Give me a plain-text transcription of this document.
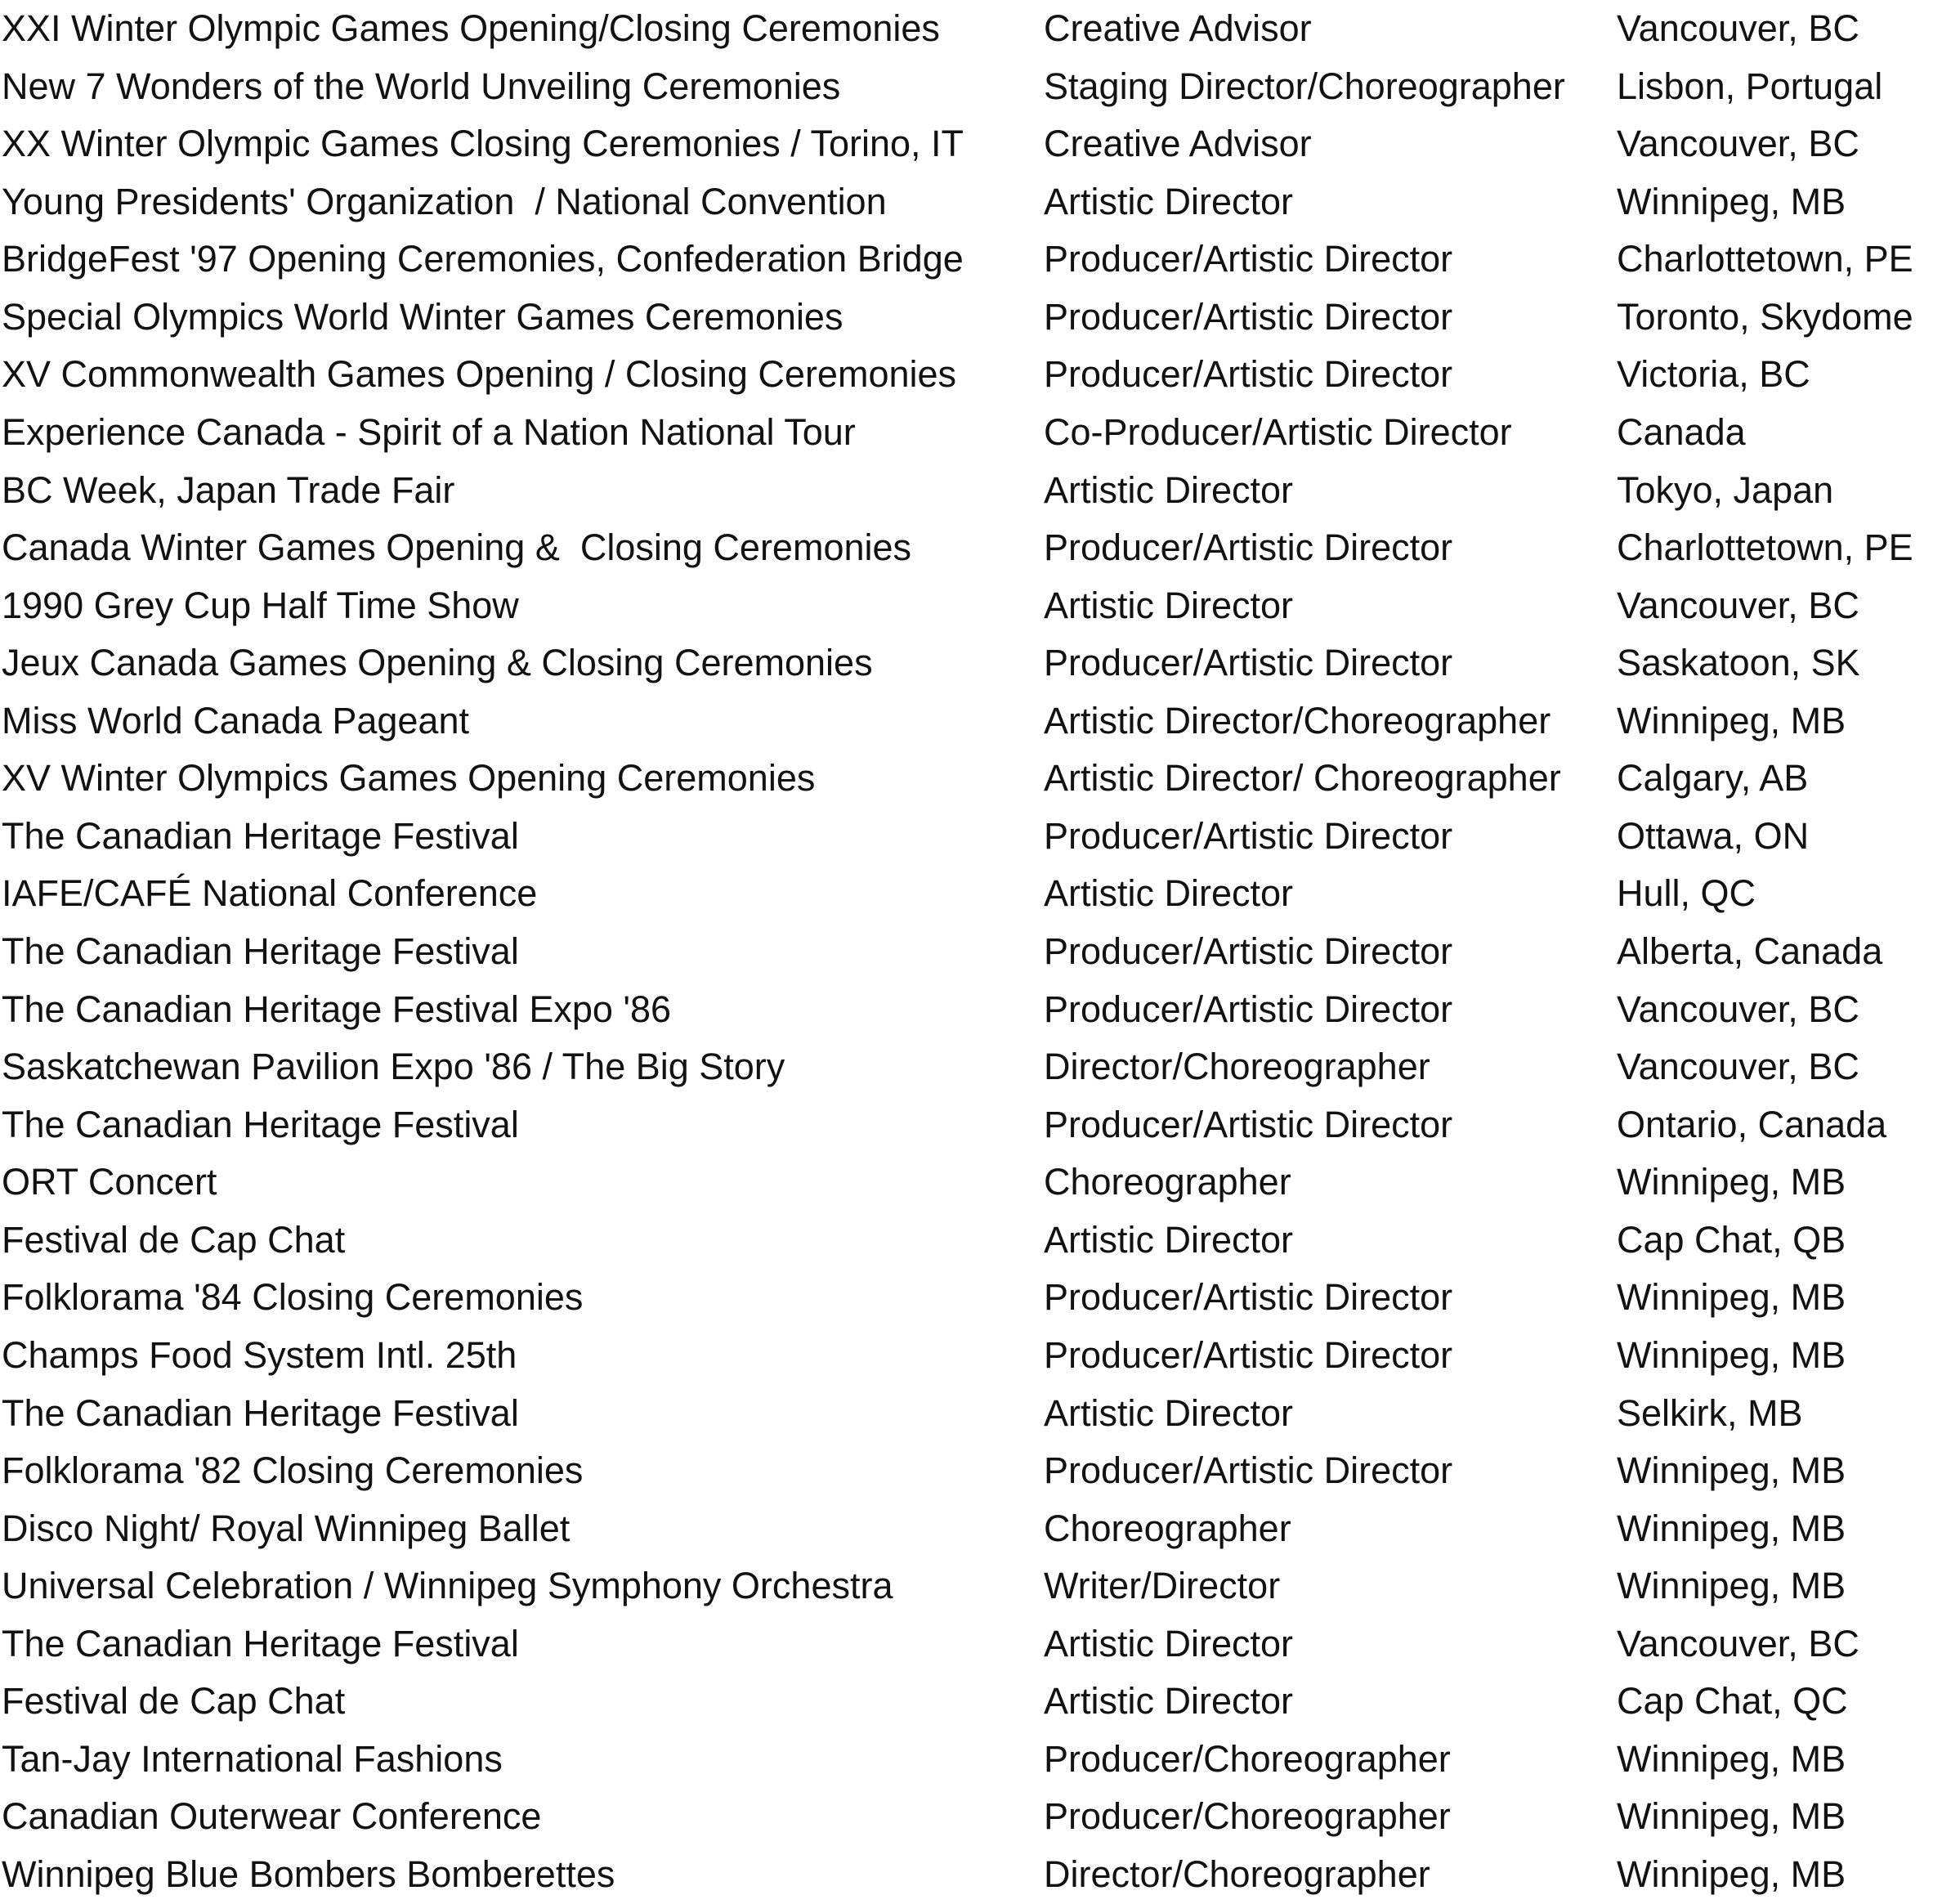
XXI Winter Olympic Games Opening/Closing Ceremonies	Creative Advisor	Vancouver, BC
New 7 Wonders of the World Unveiling Ceremonies	Staging Director/Choreographer	Lisbon, Portugal
XX Winter Olympic Games Closing Ceremonies / Torino, IT	Creative Advisor	Vancouver, BC
Young Presidents' Organization  / National Convention	Artistic Director	Winnipeg, MB
BridgeFest '97 Opening Ceremonies, Confederation Bridge	Producer/Artistic Director	Charlottetown, PE
Special Olympics World Winter Games Ceremonies	Producer/Artistic Director	Toronto, Skydome
XV Commonwealth Games Opening / Closing Ceremonies	Producer/Artistic Director	Victoria, BC
Experience Canada - Spirit of a Nation National Tour	Co-Producer/Artistic Director	Canada
BC Week, Japan Trade Fair	Artistic Director	Tokyo, Japan
Canada Winter Games Opening &  Closing Ceremonies	Producer/Artistic Director	Charlottetown, PE
1990 Grey Cup Half Time Show	Artistic Director	Vancouver, BC
Jeux Canada Games Opening & Closing Ceremonies	Producer/Artistic Director	Saskatoon, SK
Miss World Canada Pageant	Artistic Director/Choreographer	Winnipeg, MB
XV Winter Olympics Games Opening Ceremonies	Artistic Director/ Choreographer	Calgary, AB
The Canadian Heritage Festival	Producer/Artistic Director	Ottawa, ON
IAFE/CAFÉ National Conference	Artistic Director	Hull, QC
The Canadian Heritage Festival	Producer/Artistic Director	Alberta, Canada
The Canadian Heritage Festival Expo '86	Producer/Artistic Director	Vancouver, BC
Saskatchewan Pavilion Expo '86 / The Big Story	Director/Choreographer	Vancouver, BC
The Canadian Heritage Festival	Producer/Artistic Director	Ontario, Canada
ORT Concert	Choreographer	Winnipeg, MB
Festival de Cap Chat	Artistic Director	Cap Chat, QB
Folklorama '84 Closing Ceremonies	Producer/Artistic Director	Winnipeg, MB
Champs Food System Intl. 25th	Producer/Artistic Director	Winnipeg, MB
The Canadian Heritage Festival	Artistic Director	Selkirk, MB
Folklorama '82 Closing Ceremonies	Producer/Artistic Director	Winnipeg, MB
Disco Night/ Royal Winnipeg Ballet	Choreographer	Winnipeg, MB
Universal Celebration / Winnipeg Symphony Orchestra	Writer/Director	Winnipeg, MB
The Canadian Heritage Festival	Artistic Director	Vancouver, BC
Festival de Cap Chat	Artistic Director	Cap Chat, QC
Tan-Jay International Fashions	Producer/Choreographer	Winnipeg, MB
Canadian Outerwear Conference	Producer/Choreographer	Winnipeg, MB
Winnipeg Blue Bombers Bomberettes	Director/Choreographer	Winnipeg, MB
